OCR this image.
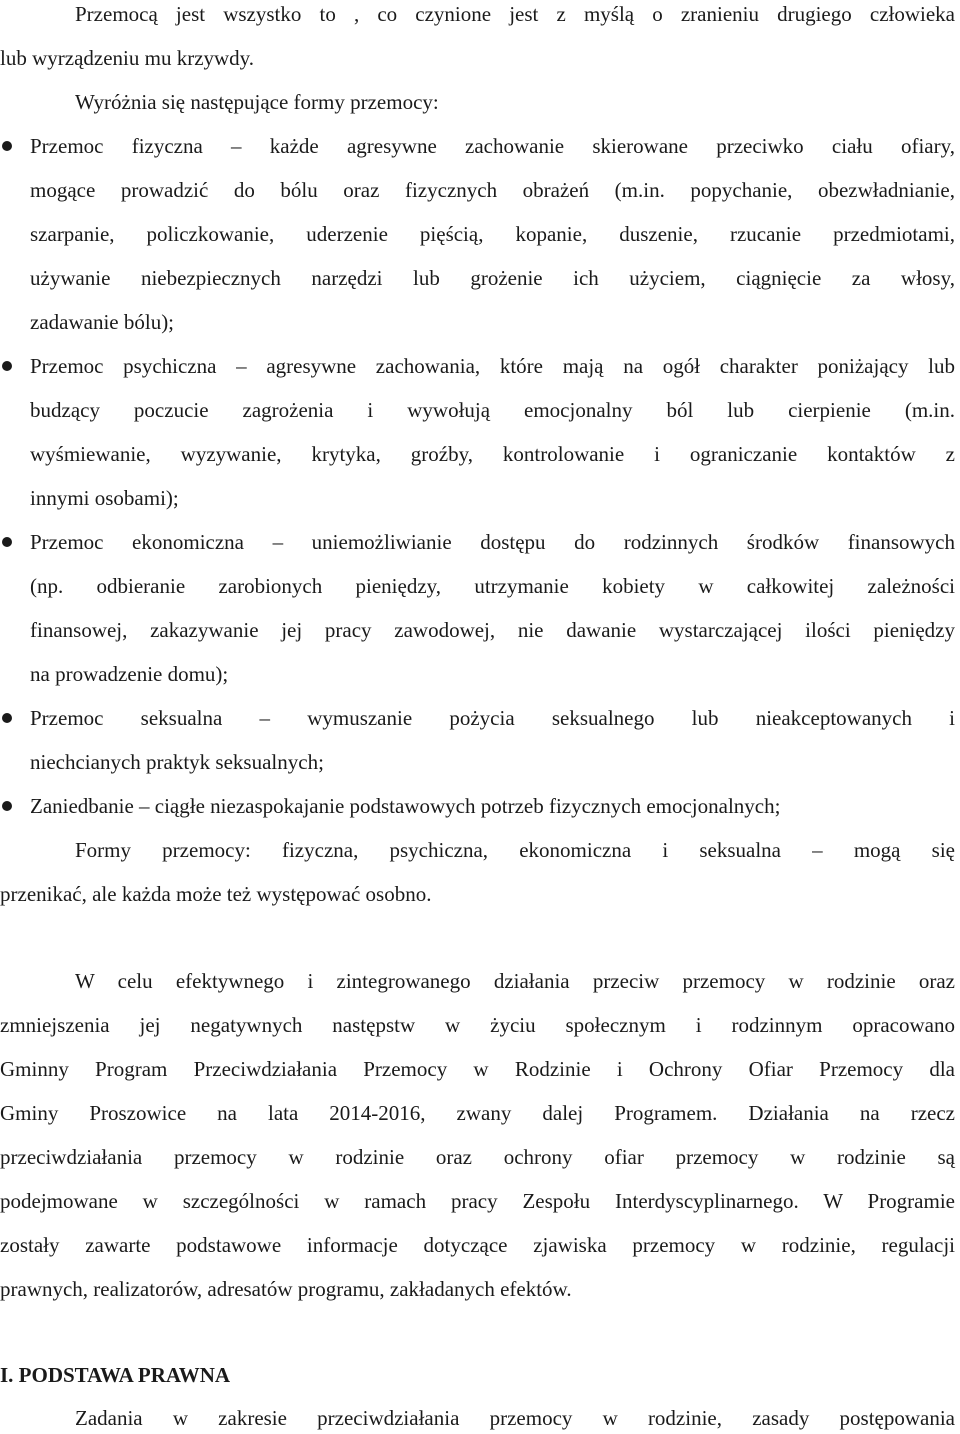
Przemocą jest wszystko to , co czynione jest z myślą o zranieniu drugiego człowieka
lub wyrządzeniu mu krzywdy.
Wyróżnia się następujące formy przemocy:
Przemoc fizyczna – każde agresywne zachowanie skierowane przeciwko ciału ofiary,
mogące prowadzić do bólu oraz fizycznych obrażeń (m.in. popychanie, obezwładnianie,
szarpanie, policzkowanie, uderzenie pięścią, kopanie, duszenie, rzucanie przedmiotami,
używanie niebezpiecznych narzędzi lub grożenie ich użyciem, ciągnięcie za włosy,
zadawanie bólu);
Przemoc psychiczna – agresywne zachowania, które mają na ogół charakter poniżający lub
budzący poczucie zagrożenia i wywołują emocjonalny ból lub cierpienie (m.in.
wyśmiewanie, wyzywanie, krytyka, groźby, kontrolowanie i ograniczanie kontaktów z
innymi osobami);
Przemoc ekonomiczna – uniemożliwianie dostępu do rodzinnych środków finansowych
(np. odbieranie zarobionych pieniędzy, utrzymanie kobiety w całkowitej zależności
finansowej, zakazywanie jej pracy zawodowej, nie dawanie wystarczającej ilości pieniędzy
na prowadzenie domu);
Przemoc seksualna – wymuszanie pożycia seksualnego lub nieakceptowanych i
niechcianych praktyk seksualnych;
Zaniedbanie – ciągłe niezaspokajanie podstawowych potrzeb fizycznych emocjonalnych;
Formy przemocy: fizyczna, psychiczna, ekonomiczna i seksualna – mogą się
przenikać, ale każda może też występować osobno.
W celu efektywnego i zintegrowanego działania przeciw przemocy w rodzinie oraz
zmniejszenia jej negatywnych następstw w życiu społecznym i rodzinnym opracowano
Gminny Program Przeciwdziałania Przemocy w Rodzinie i Ochrony Ofiar Przemocy dla
Gminy Proszowice na lata 2014-2016, zwany dalej Programem. Działania na rzecz
przeciwdziałania przemocy w rodzinie oraz ochrony ofiar przemocy w rodzinie są
podejmowane w szczególności w ramach pracy Zespołu Interdyscyplinarnego. W Programie
zostały zawarte podstawowe informacje dotyczące zjawiska przemocy w rodzinie, regulacji
prawnych, realizatorów, adresatów programu, zakładanych efektów.
I. PODSTAWA PRAWNA
Zadania w zakresie przeciwdziałania przemocy w rodzinie, zasady postępowania
